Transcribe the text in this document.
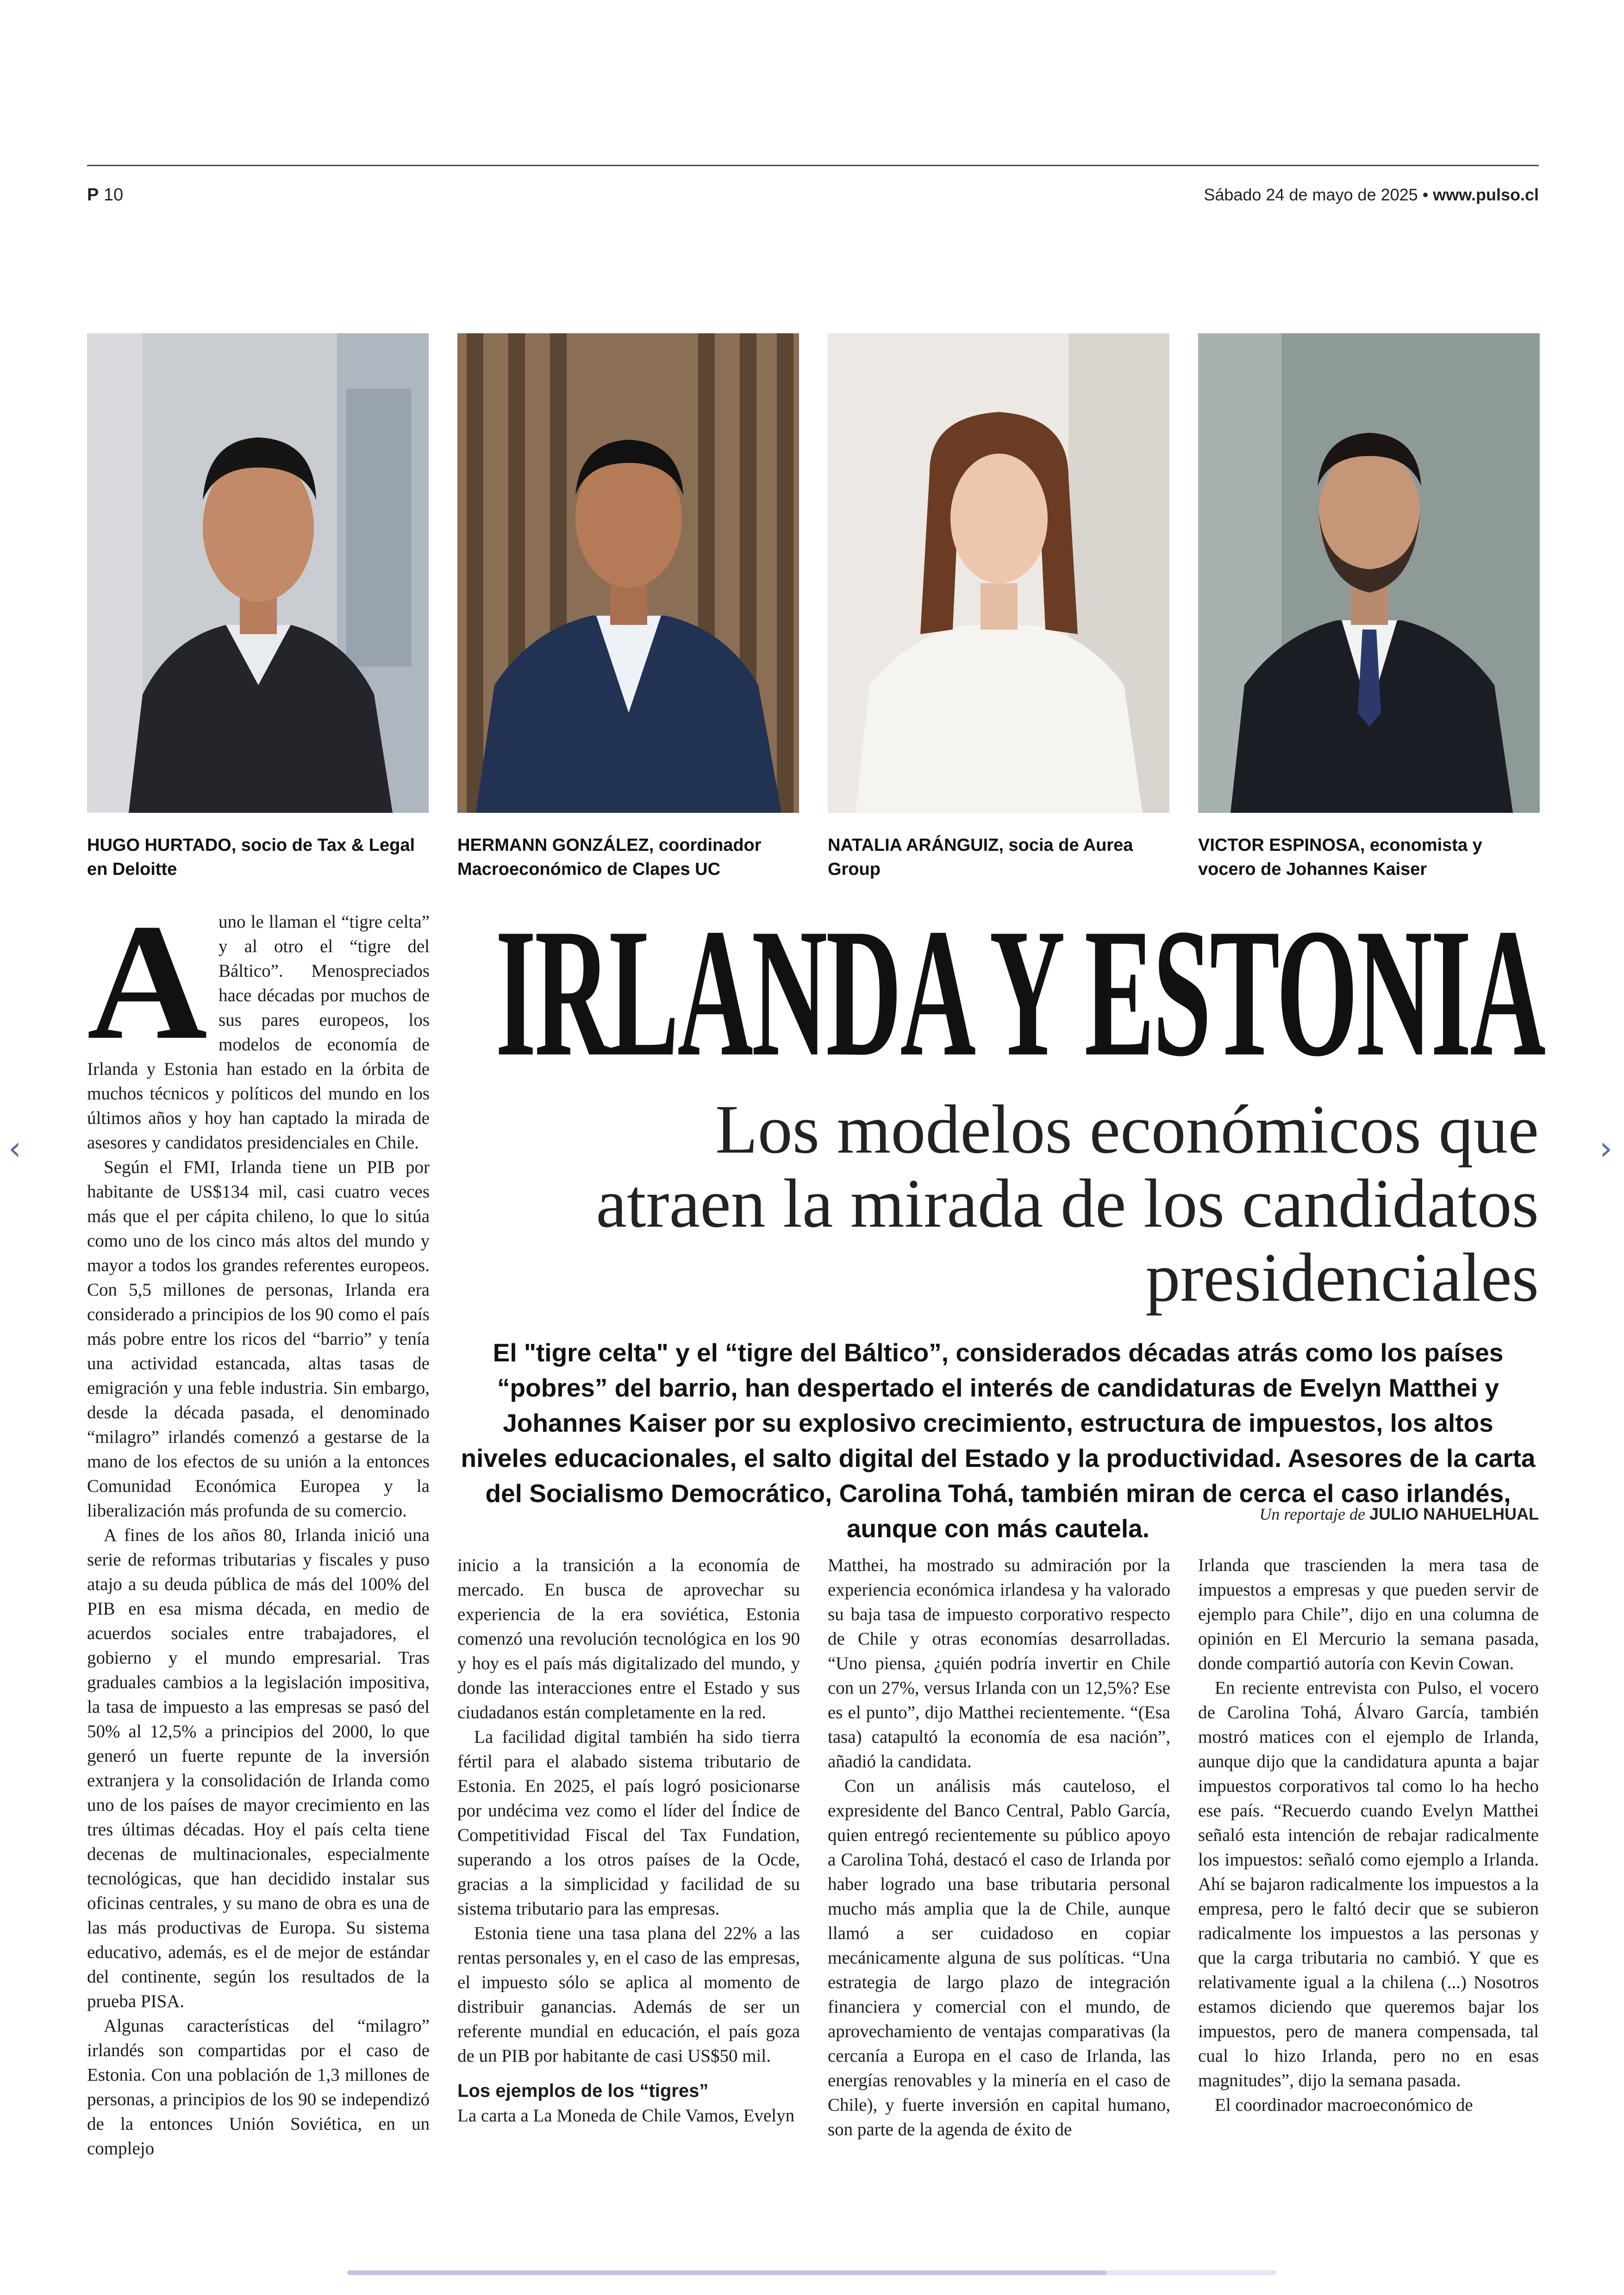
P 10	Sábado 24 de mayo de 2025 • www.pulso.cl
HUGO HURTADO, socio de Tax & Legal en Deloitte
HERMANN GONZÁLEZ, coordinador Macroeconómico de Clapes UC
NATALIA ARÁNGUIZ, socia de Aurea Group
VICTOR ESPINOSA, economista y vocero de Johannes Kaiser
IRLANDA Y ESTONIA
Los modelos económicos que atraen la mirada de los candidatos presidenciales
El "tigre celta" y el “tigre del Báltico”, considerados décadas atrás como los países “pobres” del barrio, han despertado el interés de candidaturas de Evelyn Matthei y Johannes Kaiser por su explosivo crecimiento, estructura de impuestos, los altos niveles educacionales, el salto digital del Estado y la productividad. Asesores de la carta del Socialismo Democrático, Carolina Tohá, también miran de cerca el caso irlandés, aunque con más cautela.	Un reportaje de JULIO NAHUELHUAL
A uno le llaman el “tigre celta” y al otro el “tigre del Báltico”. Menospreciados hace décadas por muchos de sus pares europeos, los modelos de economía de Irlanda y Estonia han estado en la órbita de muchos técnicos y políticos del mundo en los últimos años y hoy han captado la mirada de asesores y candidatos presidenciales en Chile.

Según el FMI, Irlanda tiene un PIB por habitante de US$134 mil, casi cuatro veces más que el per cápita chileno, lo que lo sitúa como uno de los cinco más altos del mundo y mayor a todos los grandes referentes europeos. Con 5,5 millones de personas, Irlanda era considerado a principios de los 90 como el país más pobre entre los ricos del “barrio” y tenía una actividad estancada, altas tasas de emigración y una feble industria. Sin embargo, desde la década pasada, el denominado “milagro” irlandés comenzó a gestarse de la mano de los efectos de su unión a la entonces Comunidad Económica Europea y la liberalización más profunda de su comercio.

A fines de los años 80, Irlanda inició una serie de reformas tributarias y fiscales y puso atajo a su deuda pública de más del 100% del PIB en esa misma década, en medio de acuerdos sociales entre trabajadores, el gobierno y el mundo empresarial. Tras graduales cambios a la legislación impositiva, la tasa de impuesto a las empresas se pasó del 50% al 12,5% a principios del 2000, lo que generó un fuerte repunte de la inversión extranjera y la consolidación de Irlanda como uno de los países de mayor crecimiento en las tres últimas décadas. Hoy el país celta tiene decenas de multinacionales, especialmente tecnológicas, que han decidido instalar sus oficinas centrales, y su mano de obra es una de las más productivas de Europa. Su sistema educativo, además, es el de mejor de estándar del continente, según los resultados de la prueba PISA.

Algunas características del “milagro” irlandés son compartidas por el caso de Estonia. Con una población de 1,3 millones de personas, a principios de los 90 se independizó de la entonces Unión Soviética, en un complejo

inicio a la transición a la economía de mercado. En busca de aprovechar su experiencia de la era soviética, Estonia comenzó una revolución tecnológica en los 90 y hoy es el país más digitalizado del mundo, y donde las interacciones entre el Estado y sus ciudadanos están completamente en la red.

La facilidad digital también ha sido tierra fértil para el alabado sistema tributario de Estonia. En 2025, el país logró posicionarse por undécima vez como el líder del Índice de Competitividad Fiscal del Tax Fundation, superando a los otros países de la Ocde, gracias a la simplicidad y facilidad de su sistema tributario para las empresas.

Estonia tiene una tasa plana del 22% a las rentas personales y, en el caso de las empresas, el impuesto sólo se aplica al momento de distribuir ganancias. Además de ser un referente mundial en educación, el país goza de un PIB por habitante de casi US$50 mil.

Los ejemplos de los “tigres”

La carta a La Moneda de Chile Vamos, Evelyn

Matthei, ha mostrado su admiración por la experiencia económica irlandesa y ha valorado su baja tasa de impuesto corporativo respecto de Chile y otras economías desarrolladas. “Uno piensa, ¿quién podría invertir en Chile con un 27%, versus Irlanda con un 12,5%? Ese es el punto”, dijo Matthei recientemente. “(Esa tasa) catapultó la economía de esa nación”, añadió la candidata.

Con un análisis más cauteloso, el expresidente del Banco Central, Pablo García, quien entregó recientemente su público apoyo a Carolina Tohá, destacó el caso de Irlanda por haber logrado una base tributaria personal mucho más amplia que la de Chile, aunque llamó a ser cuidadoso en copiar mecánicamente alguna de sus políticas. “Una estrategia de largo plazo de integración financiera y comercial con el mundo, de aprovechamiento de ventajas comparativas (la cercanía a Europa en el caso de Irlanda, las energías renovables y la minería en el caso de Chile), y fuerte inversión en capital humano, son parte de la agenda de éxito de

Irlanda que trascienden la mera tasa de impuestos a empresas y que pueden servir de ejemplo para Chile”, dijo en una columna de opinión en El Mercurio la semana pasada, donde compartió autoría con Kevin Cowan.

En reciente entrevista con Pulso, el vocero de Carolina Tohá, Álvaro García, también mostró matices con el ejemplo de Irlanda, aunque dijo que la candidatura apunta a bajar impuestos corporativos tal como lo ha hecho ese país. “Recuerdo cuando Evelyn Matthei señaló esta intención de rebajar radicalmente los impuestos: señaló como ejemplo a Irlanda. Ahí se bajaron radicalmente los impuestos a la empresa, pero le faltó decir que se subieron radicalmente los impuestos a las personas y que la carga tributaria no cambió. Y que es relativamente igual a la chilena (...) Nosotros estamos diciendo que queremos bajar los impuestos, pero de manera compensada, tal cual lo hizo Irlanda, pero no en esas magnitudes”, dijo la semana pasada.

El coordinador macroeconómico de

‹	›
